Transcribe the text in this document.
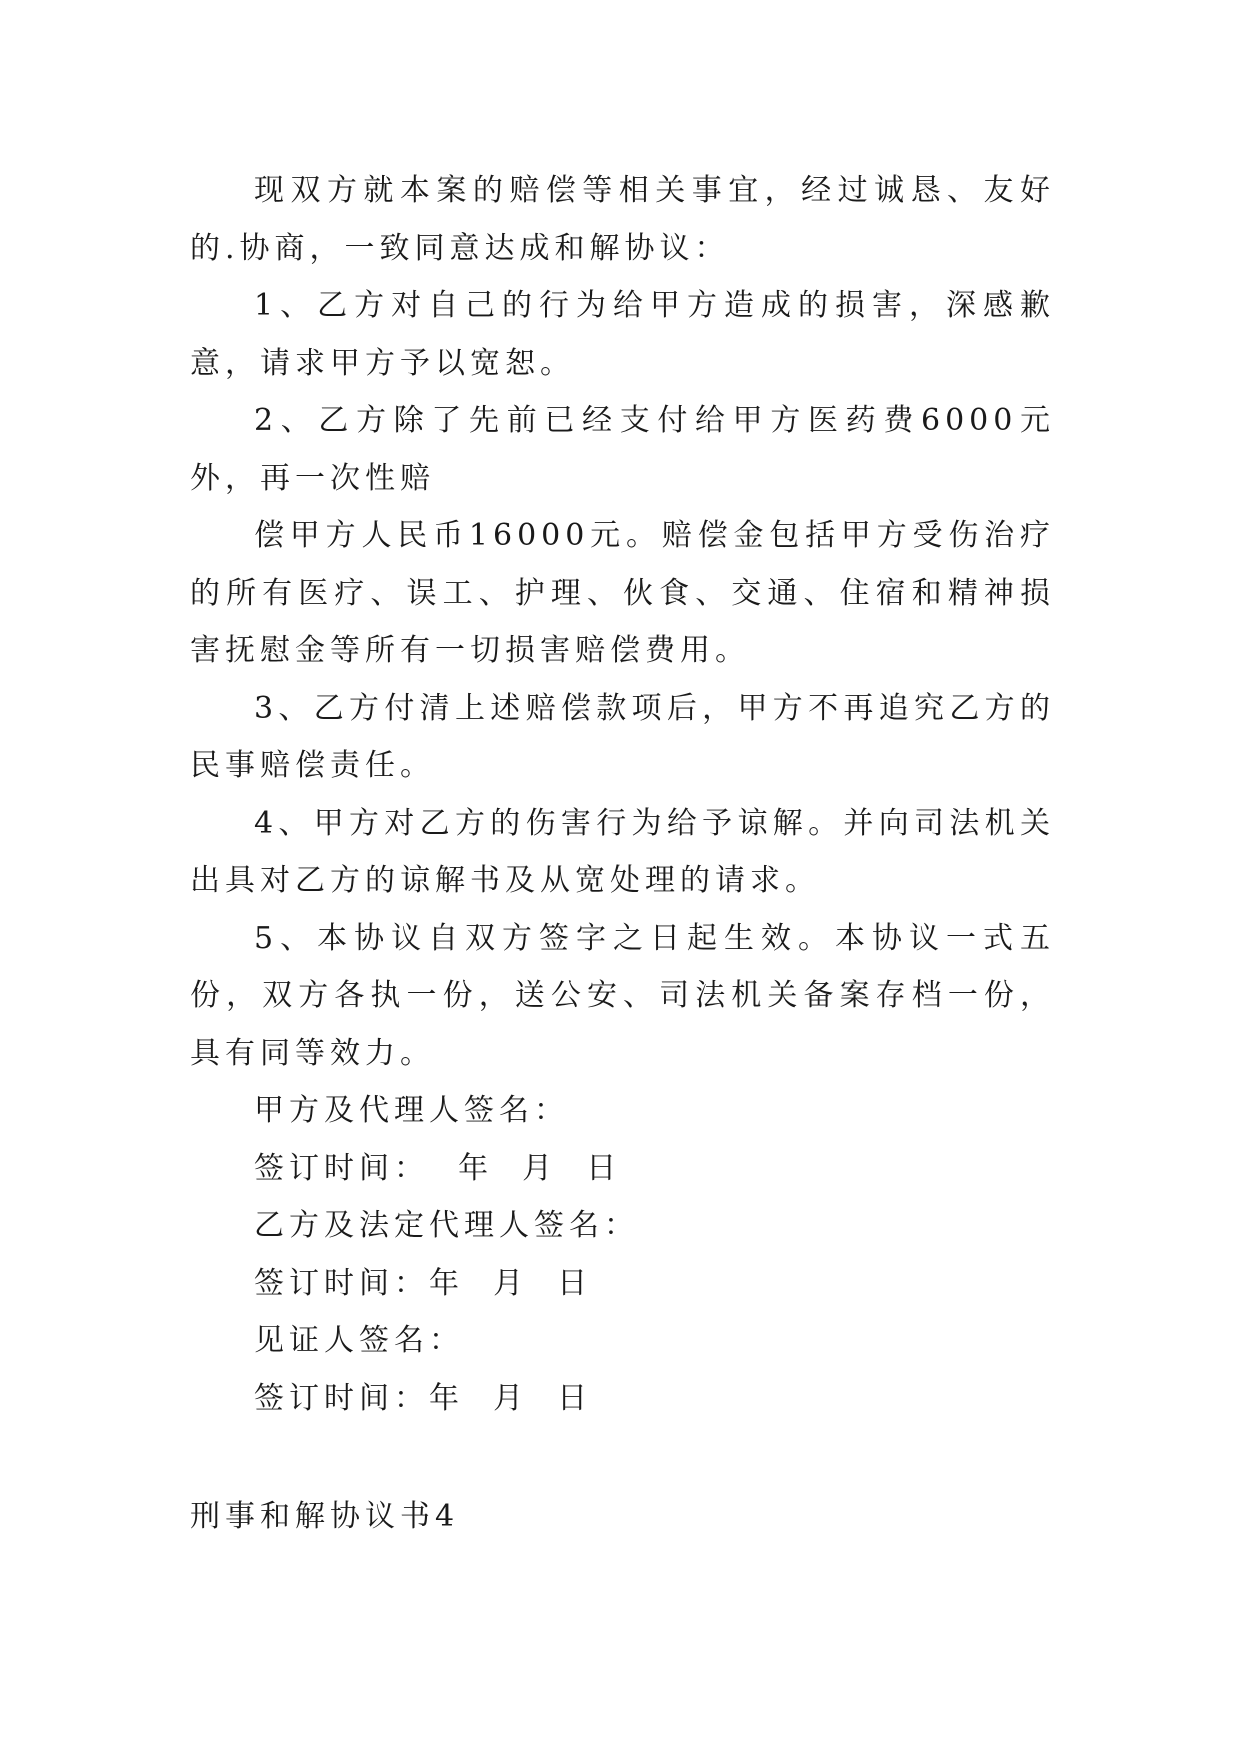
现双方就本案的赔偿等相关事宜，经过诚恳、友好的.协商，一致同意达成和解协议：

1、乙方对自己的行为给甲方造成的损害，深感歉意，请求甲方予以宽恕。

2、乙方除了先前已经支付给甲方医药费6000元外，再一次性赔

偿甲方人民币16000元。赔偿金包括甲方受伤治疗的所有医疗、误工、护理、伙食、交通、住宿和精神损害抚慰金等所有一切损害赔偿费用。

3、乙方付清上述赔偿款项后，甲方不再追究乙方的民事赔偿责任。

4、甲方对乙方的伤害行为给予谅解。并向司法机关出具对乙方的谅解书及从宽处理的请求。

5、本协议自双方签字之日起生效。本协议一式五份，双方各执一份，送公安、司法机关备案存档一份，具有同等效力。

甲方及代理人签名：

签订时间：  年  月  日

乙方及法定代理人签名：

签订时间：年  月  日

见证人签名：

签订时间：年  月  日

刑事和解协议书4
